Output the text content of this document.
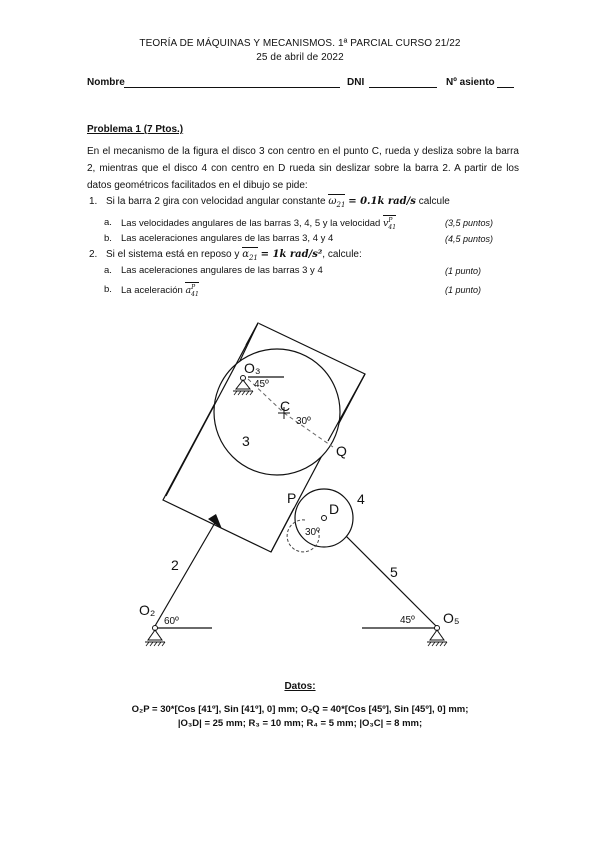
TEORÍA DE MÁQUINAS Y MECANISMOS. 1ª PARCIAL CURSO 21/22
25 de abril de 2022
Nombre	DNI	Nº asiento
Problema 1 (7 Ptos.)
En el mecanismo de la figura el disco 3 con centro en el punto C, rueda y desliza sobre la barra 2, mientras que el disco 4 con centro en D rueda sin deslizar sobre la barra 2. A partir de los datos geométricos facilitados en el dibujo se pide:
1. Si la barra 2 gira con velocidad angular constante $\omega_{21} = 0.1k$ rad/s calcule
a. Las velocidades angulares de las barras 3, 4, 5 y la velocidad $v^P_{41}$	(3,5 puntos)
b. Las aceleraciones angulares de las barras 3, 4 y 4	(4,5 puntos)
2. Si el sistema está en reposo y $\alpha_{21} = 1k$ rad/s², calcule:
a. Las aceleraciones angulares de las barras 3 y 4	(1 punto)
b. La aceleración $a^P_{41}$	(1 punto)
O₃
45º
C
30º
3
Q
P	4
D
30º
2	5
O₂
60º	45º O₅
Datos:
O₂P = 30*[Cos [41º], Sin [41º], 0] mm; O₂Q = 40*[Cos [45º], Sin [45º], 0] mm;
|O₃D| = 25 mm; R₃ = 10 mm; R₄ = 5 mm; |O₃C| = 8 mm;
